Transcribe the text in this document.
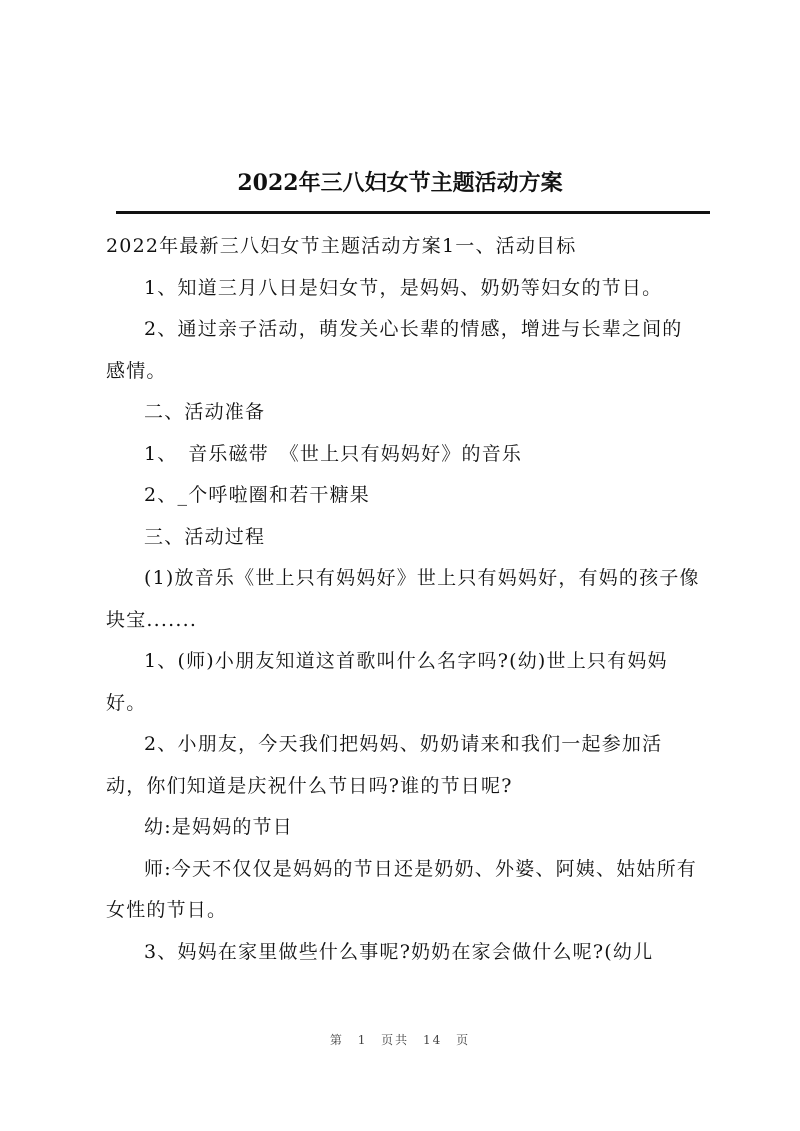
2022年三八妇女节主题活动方案

2022年最新三八妇女节主题活动方案1一、活动目标

1、知道三月八日是妇女节，是妈妈、奶奶等妇女的节日。

2、通过亲子活动，萌发关心长辈的情感，增进与长辈之间的感情。

二、活动准备

1、　音乐磁带　《世上只有妈妈好》的音乐

2、_个呼啦圈和若干糖果

三、活动过程

(1)放音乐《世上只有妈妈好》世上只有妈妈好，有妈的孩子像块宝.......

1、(师)小朋友知道这首歌叫什么名字吗?(幼)世上只有妈妈好。

2、小朋友，今天我们把妈妈、奶奶请来和我们一起参加活动，你们知道是庆祝什么节日吗?谁的节日呢?

幼:是妈妈的节日

师:今天不仅仅是妈妈的节日还是奶奶、外婆、阿姨、姑姑所有女性的节日。

3、妈妈在家里做些什么事呢?奶奶在家会做什么呢?(幼儿

第 1 页共 14 页
